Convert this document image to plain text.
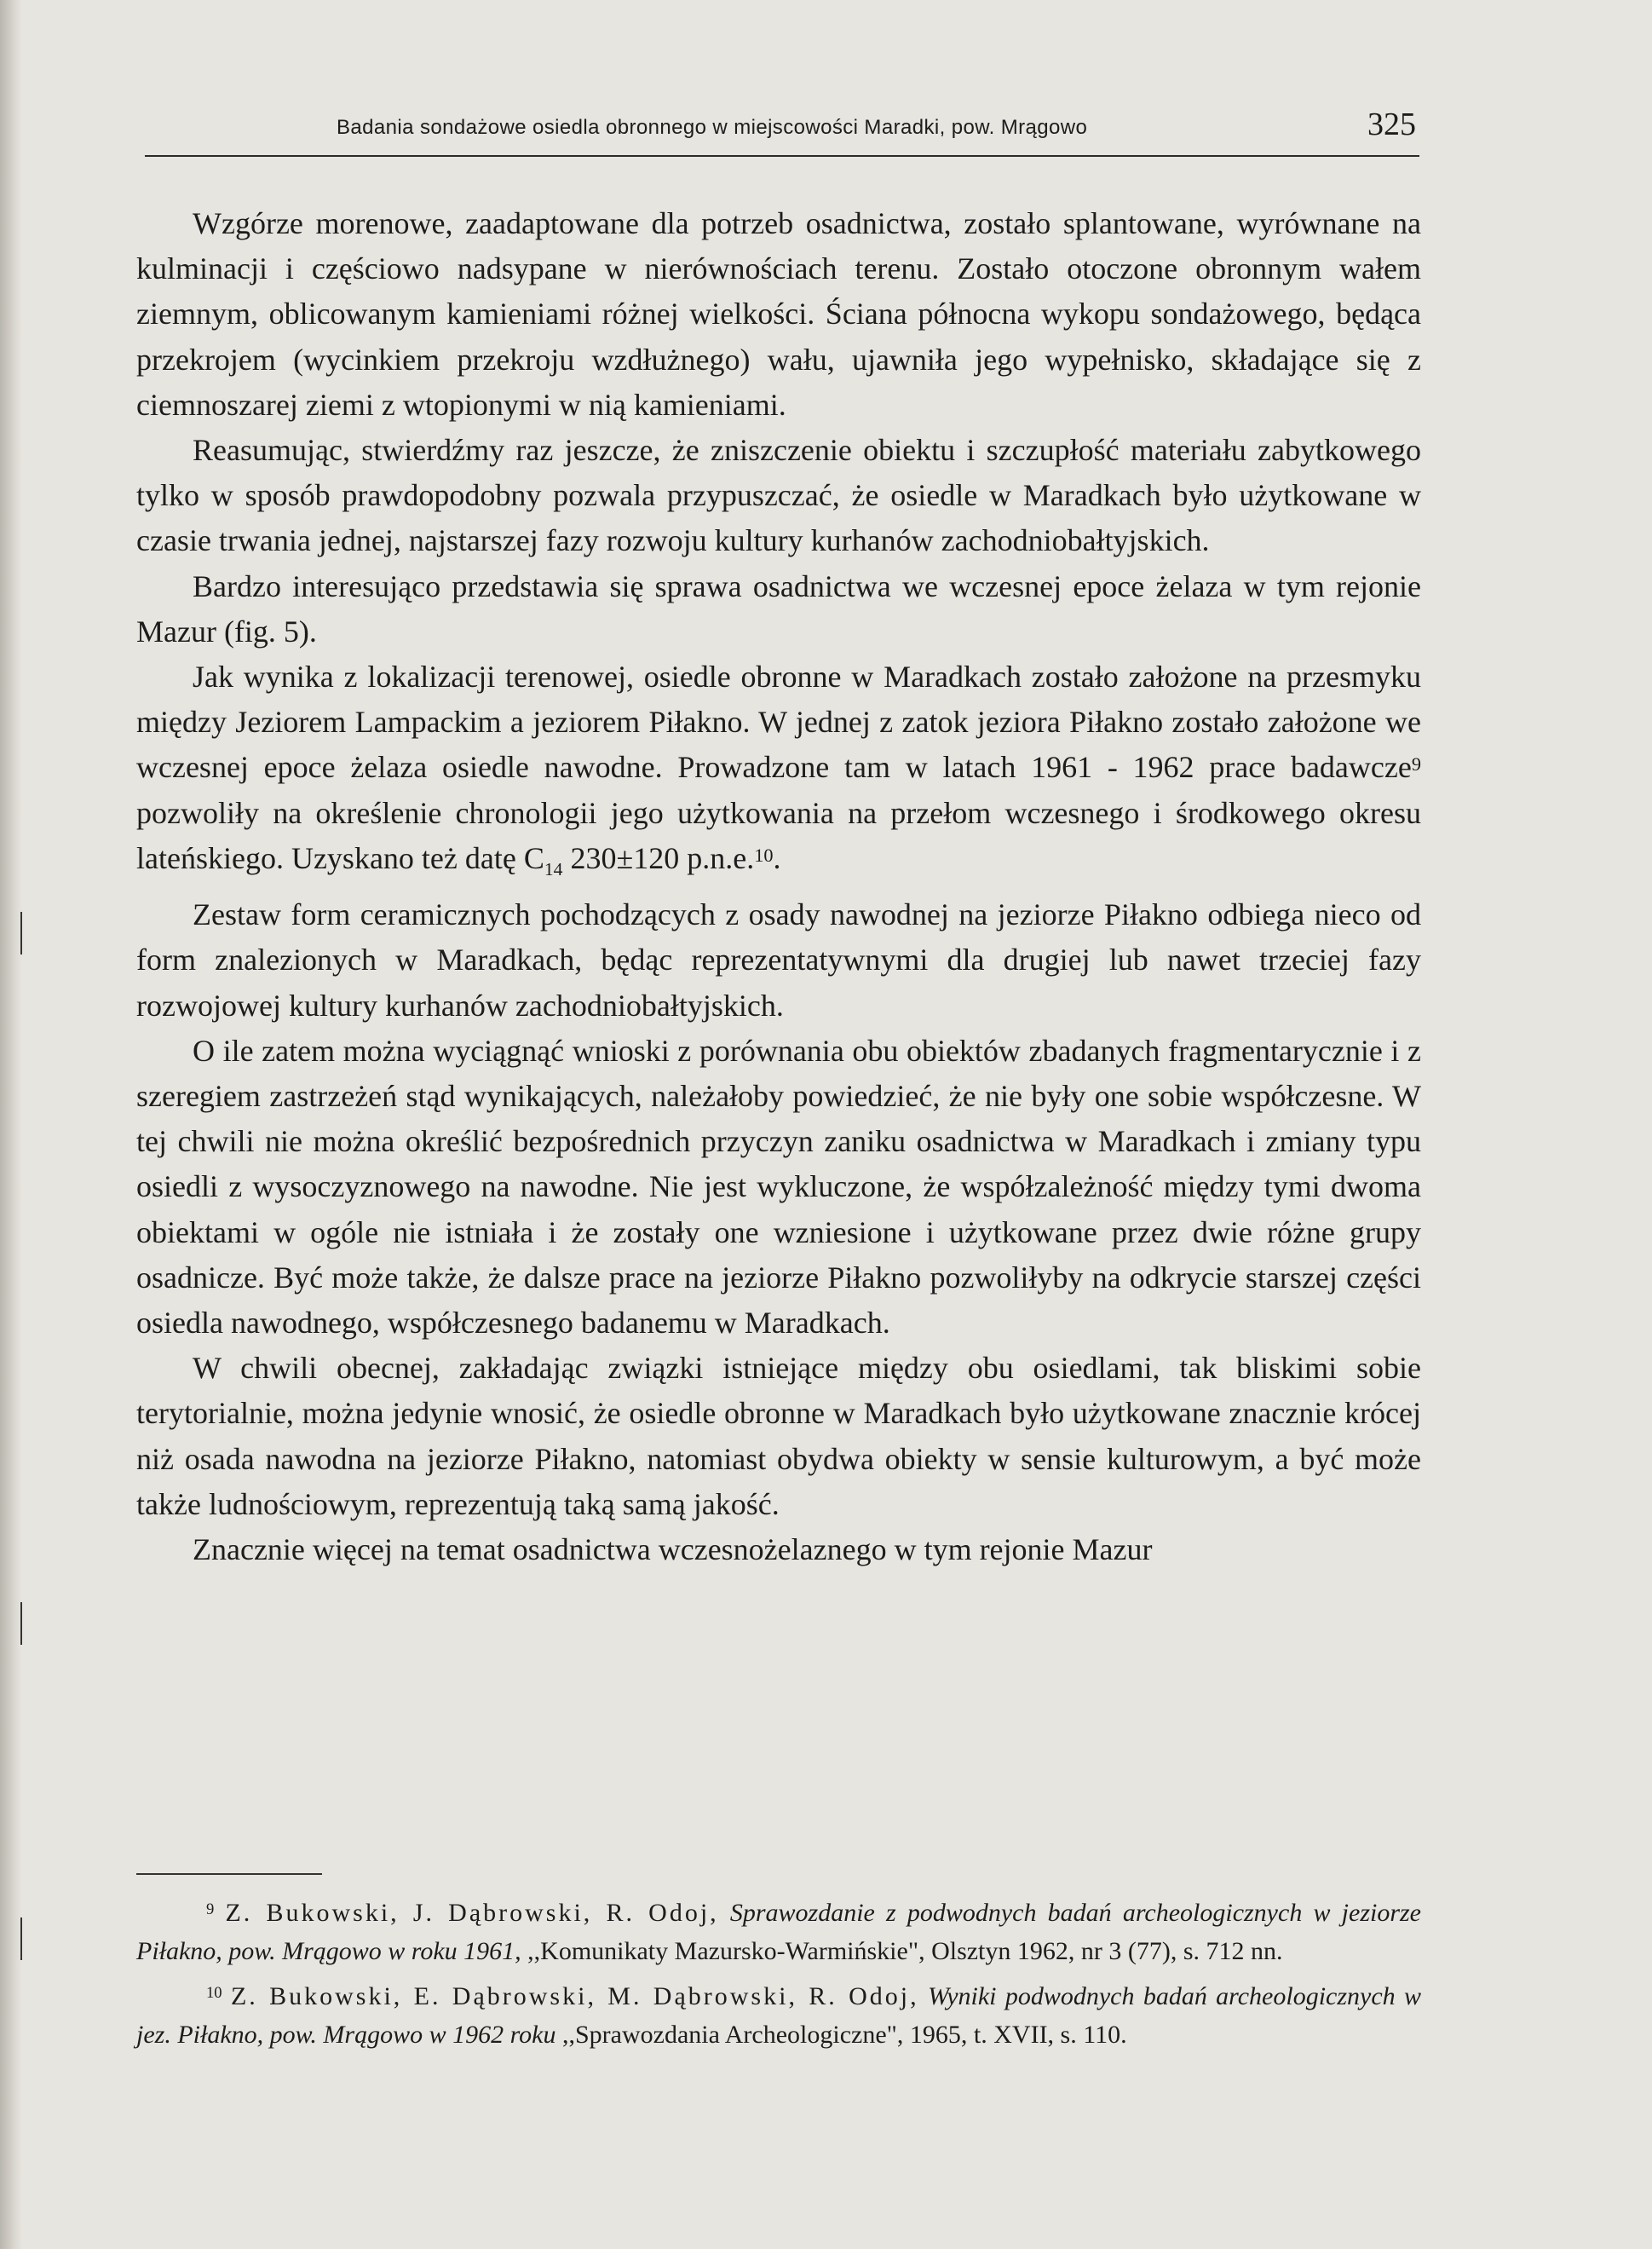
Badania sondażowe osiedla obronnego w miejscowości Maradki, pow. Mrągowo	325

Wzgórze morenowe, zaadaptowane dla potrzeb osadnictwa, zostało splantowane, wyrównane na kulminacji i częściowo nadsypane w nierównościach terenu. Zostało otoczone obronnym wałem ziemnym, oblicowanym kamieniami różnej wielkości. Ściana północna wykopu sondażowego, będąca przekrojem (wycinkiem przekroju wzdłużnego) wału, ujawniła jego wypełnisko, składające się z ciemnoszarej ziemi z wtopionymi w nią kamieniami.

Reasumując, stwierdźmy raz jeszcze, że zniszczenie obiektu i szczupłość materiału zabytkowego tylko w sposób prawdopodobny pozwala przypuszczać, że osiedle w Maradkach było użytkowane w czasie trwania jednej, najstarszej fazy rozwoju kultury kurhanów zachodniobałtyjskich.

Bardzo interesująco przedstawia się sprawa osadnictwa we wczesnej epoce żelaza w tym rejonie Mazur (fig. 5).

Jak wynika z lokalizacji terenowej, osiedle obronne w Maradkach zostało założone na przesmyku między Jeziorem Lampackim a jeziorem Piłakno. W jednej z zatok jeziora Piłakno zostało założone we wczesnej epoce żelaza osiedle nawodne. Prowadzone tam w latach 1961 - 1962 prace badawcze$^9$ pozwoliły na określenie chronologii jego użytkowania na przełom wczesnego i środkowego okresu lateńskiego. Uzyskano też datę $C_{14}$ 230±120 p.n.e.$^{10}$.

Zestaw form ceramicznych pochodzących z osady nawodnej na jeziorze Piłakno odbiega nieco od form znalezionych w Maradkach, będąc reprezentatywnymi dla drugiej lub nawet trzeciej fazy rozwojowej kultury kurhanów zachodniobałtyjskich.

O ile zatem można wyciągnąć wnioski z porównania obu obiektów zbadanych fragmentarycznie i z szeregiem zastrzeżeń stąd wynikających, należałoby powiedzieć, że nie były one sobie współczesne. W tej chwili nie można określić bezpośrednich przyczyn zaniku osadnictwa w Maradkach i zmiany typu osiedli z wysoczyznowego na nawodne. Nie jest wykluczone, że współzależność między tymi dwoma obiektami w ogóle nie istniała i że zostały one wzniesione i użytkowane przez dwie różne grupy osadnicze. Być może także, że dalsze prace na jeziorze Piłakno pozwoliłyby na odkrycie starszej części osiedla nawodnego, współczesnego badanemu w Maradkach.

W chwili obecnej, zakładając związki istniejące między obu osiedlami, tak bliskimi sobie terytorialnie, można jedynie wnosić, że osiedle obronne w Maradkach było użytkowane znacznie krócej niż osada nawodna na jeziorze Piłakno, natomiast obydwa obiekty w sensie kulturowym, a być może także ludnościowym, reprezentują taką samą jakość.

Znacznie więcej na temat osadnictwa wczesnożelaznego w tym rejonie Mazur

$^9$ Z. Bukowski, J. Dąbrowski, R. Odoj, Sprawozdanie z podwodnych badań archeologicznych w jeziorze Piłakno, pow. Mrągowo w roku 1961, ,,Komunikaty Mazursko-Warmińskie", Olsztyn 1962, nr 3 (77), s. 712 nn.

$^{10}$ Z. Bukowski, E. Dąbrowski, M. Dąbrowski, R. Odoj, Wyniki podwodnych badań archeologicznych w jez. Piłakno, pow. Mrągowo w 1962 roku ,,Sprawozdania Archeologiczne", 1965, t. XVII, s. 110.
